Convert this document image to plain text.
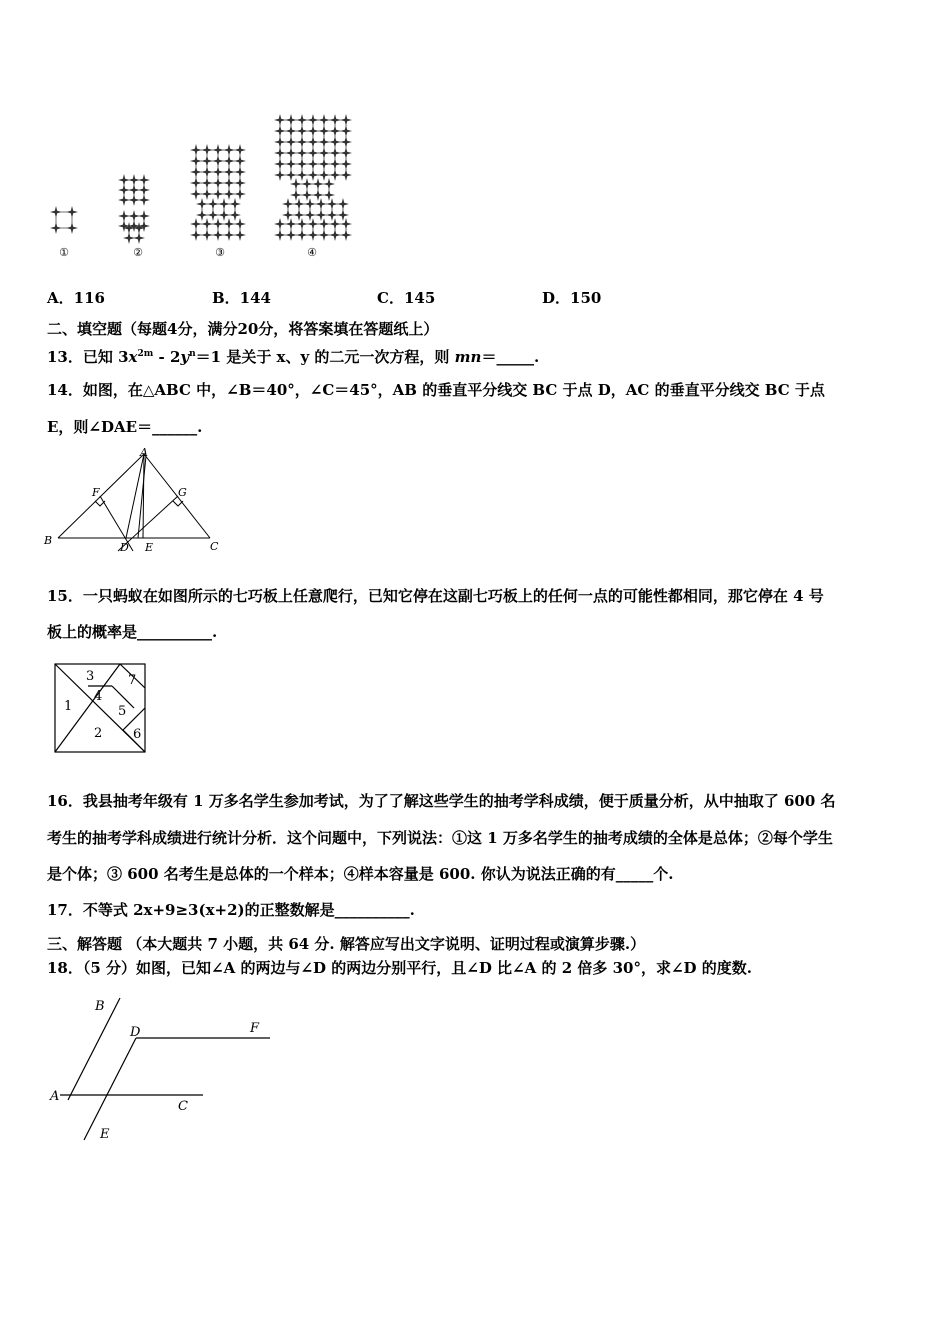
①	②	③	④
A．116	B．144	C．145	D．150
二、填空题（每题4分，满分20分，将答案填在答题纸上）
13．已知 $3x^{2m} - 2y^n=1$ 是关于 x、y 的二元一次方程，则 mn＝_____.
14．如图，在△ABC 中，∠B＝40°，∠C＝45°，AB 的垂直平分线交 BC 于点 D，AC 的垂直平分线交 BC 于点
E，则∠DAE＝______.
A
B	C
D E
F	G
15．一只蚂蚁在如图所示的七巧板上任意爬行，已知它停在这副七巧板上的任何一点的可能性都相同，那它停在 4 号
板上的概率是__________.
1
2
3
4
5
6
7
16．我县抽考年级有 1 万多名学生参加考试，为了了解这些学生的抽考学科成绩，便于质量分析，从中抽取了 600 名
考生的抽考学科成绩进行统计分析．这个问题中，下列说法：①这 1 万多名学生的抽考成绩的全体是总体；②每个学生
是个体；③ 600 名考生是总体的一个样本；④样本容量是 600. 你认为说法正确的有_____个.
17．不等式 2x+9≥3(x+2)的正整数解是__________.
三、解答题 （本大题共 7 小题，共 64 分. 解答应写出文字说明、证明过程或演算步骤.）
18．（5 分）如图，已知∠A 的两边与∠D 的两边分别平行，且∠D 比∠A 的 2 倍多 30°，求∠D 的度数.
B
D	F
A
C
E
